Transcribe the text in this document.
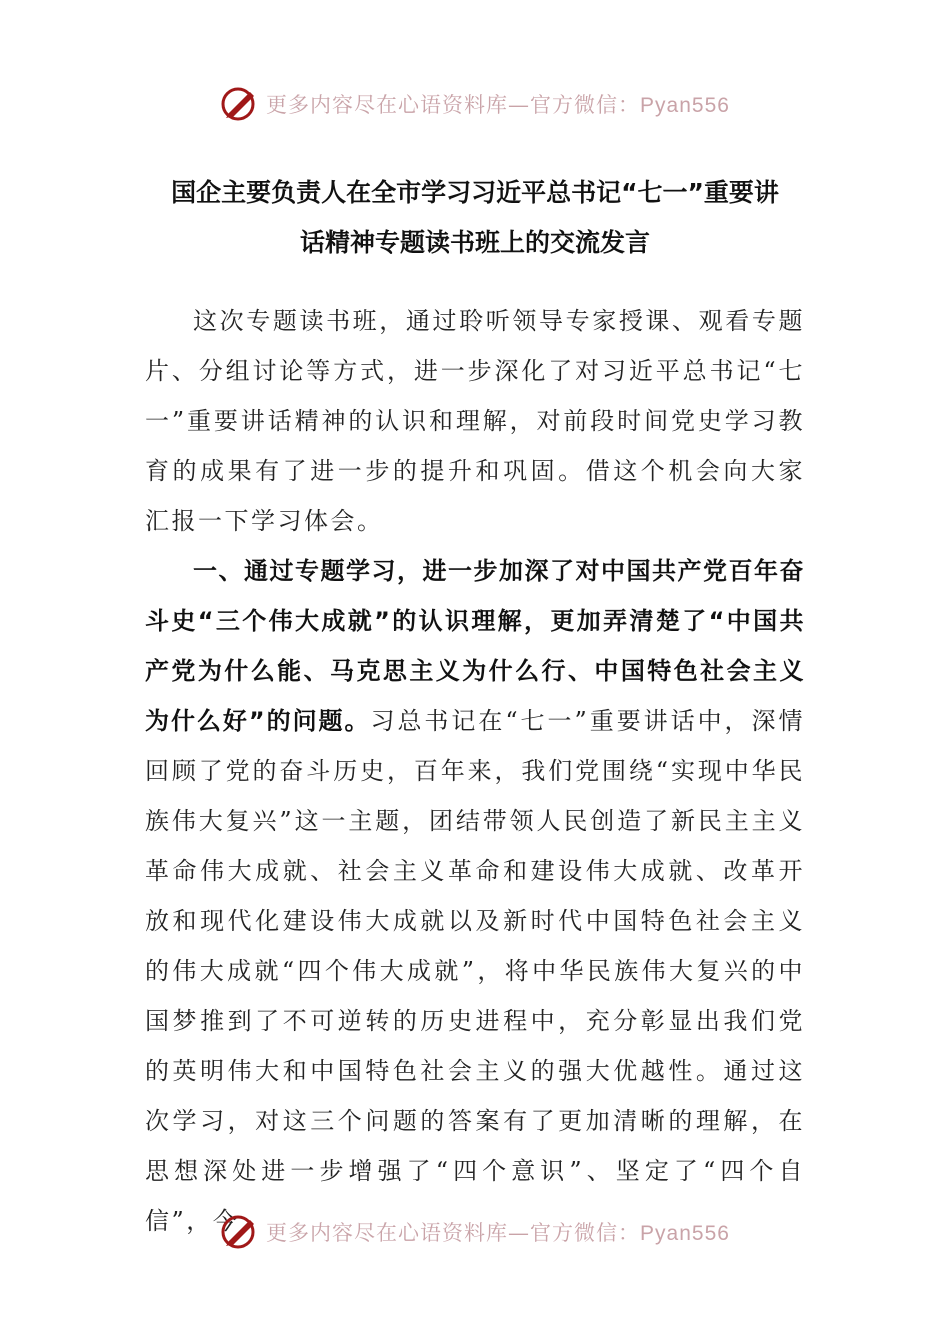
更多内容尽在心语资料库—官方微信：Pyan556
国企主要负责人在全市学习习近平总书记“七一”重要讲
话精神专题读书班上的交流发言

这次专题读书班，通过聆听领导专家授课、观看专题片、分组讨论等方式，进一步深化了对习近平总书记“七一”重要讲话精神的认识和理解，对前段时间党史学习教育的成果有了进一步的提升和巩固。借这个机会向大家汇报一下学习体会。

一、通过专题学习，进一步加深了对中国共产党百年奋斗史“三个伟大成就”的认识理解，更加弄清楚了“中国共产党为什么能、马克思主义为什么行、中国特色社会主义为什么好”的问题。习总书记在“七一”重要讲话中，深情回顾了党的奋斗历史，百年来，我们党围绕“实现中华民族伟大复兴”这一主题，团结带领人民创造了新民主主义革命伟大成就、社会主义革命和建设伟大成就、改革开放和现代化建设伟大成就以及新时代中国特色社会主义的伟大成就“四个伟大成就”，将中华民族伟大复兴的中国梦推到了不可逆转的历史进程中，充分彰显出我们党的英明伟大和中国特色社会主义的强大优越性。通过这次学习，对这三个问题的答案有了更加清晰的理解，在思想深处进一步增强了“四个意识”、坚定了“四个自信”，今	更多内容尽在心语资料库—官方微信：Pyan556
